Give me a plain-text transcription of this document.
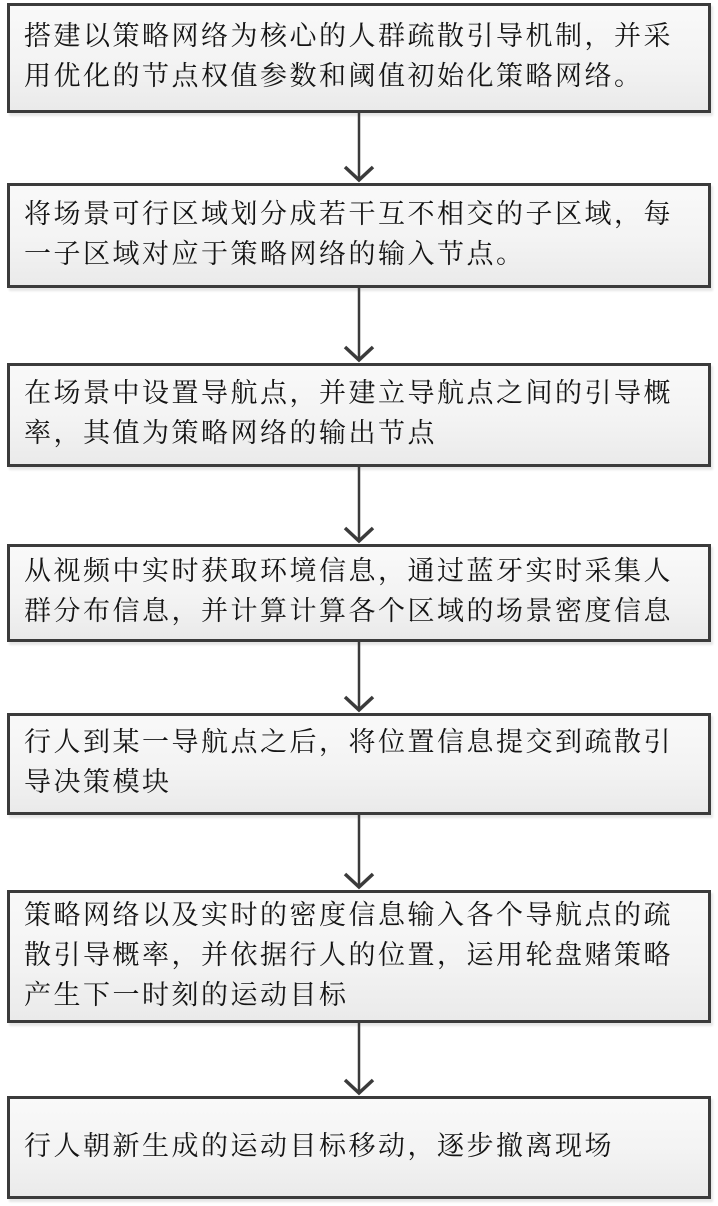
搭建以策略网络为核心的人群疏散引导机制，并采用优化的节点权值参数和阈值初始化策略网络。
将场景可行区域划分成若干互不相交的子区域，每一子区域对应于策略网络的输入节点。
在场景中设置导航点，并建立导航点之间的引导概率，其值为策略网络的输出节点
从视频中实时获取环境信息，通过蓝牙实时采集人群分布信息，并计算计算各个区域的场景密度信息
行人到某一导航点之后，将位置信息提交到疏散引导决策模块
策略网络以及实时的密度信息输入各个导航点的疏散引导概率，并依据行人的位置，运用轮盘赌策略产生下一时刻的运动目标
行人朝新生成的运动目标移动，逐步撤离现场
